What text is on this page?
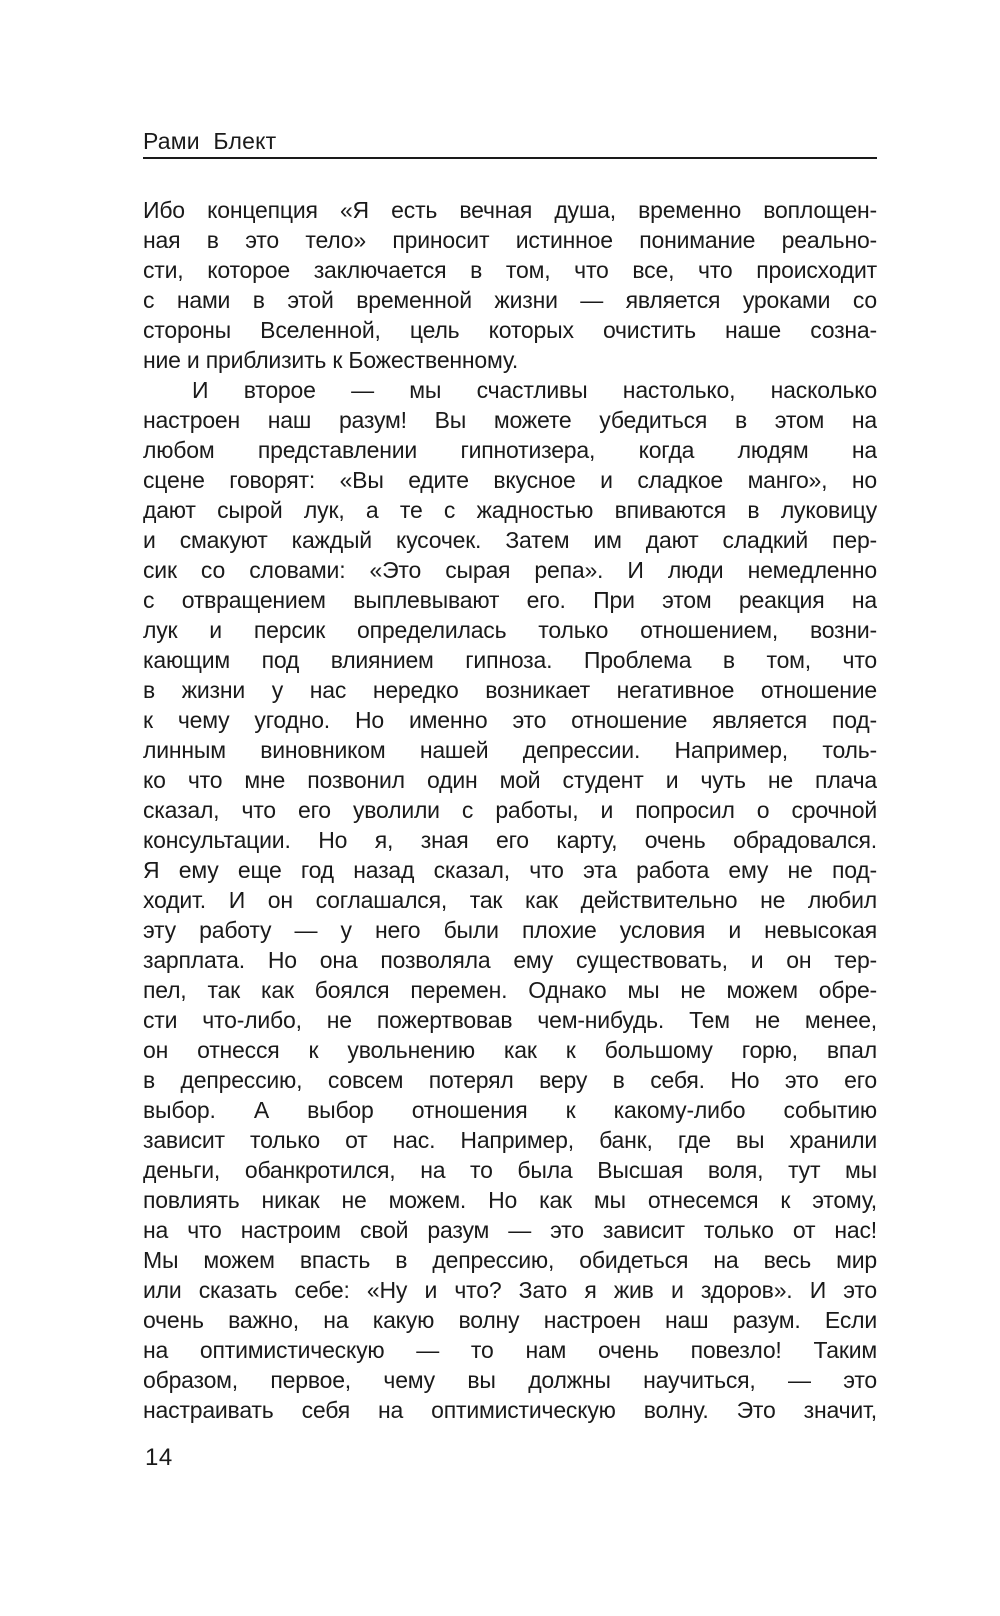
Рами Блект
Ибо концепция «Я есть вечная душа, временно воплощен-
ная в это тело» приносит истинное понимание реально-
сти, которое заключается в том, что все, что происходит
с нами в этой временной жизни — является уроками со
стороны Вселенной, цель которых очистить наше созна-
ние и приблизить к Божественному.
И второе — мы счастливы настолько, насколько
настроен наш разум! Вы можете убедиться в этом на
любом представлении гипнотизера, когда людям на
сцене говорят: «Вы едите вкусное и сладкое манго», но
дают сырой лук, а те с жадностью впиваются в луковицу
и смакуют каждый кусочек. Затем им дают сладкий пер-
сик со словами: «Это сырая репа». И люди немедленно
с отвращением выплевывают его. При этом реакция на
лук и персик определилась только отношением, возни-
кающим под влиянием гипноза. Проблема в том, что
в жизни у нас нередко возникает негативное отношение
к чему угодно. Но именно это отношение является под-
линным виновником нашей депрессии. Например, толь-
ко что мне позвонил один мой студент и чуть не плача
сказал, что его уволили с работы, и попросил о срочной
консультации. Но я, зная его карту, очень обрадовался.
Я ему еще год назад сказал, что эта работа ему не под-
ходит. И он соглашался, так как действительно не любил
эту работу — у него были плохие условия и невысокая
зарплата. Но она позволяла ему существовать, и он тер-
пел, так как боялся перемен. Однако мы не можем обре-
сти что-либо, не пожертвовав чем-нибудь. Тем не менее,
он отнесся к увольнению как к большому горю, впал
в депрессию, совсем потерял веру в себя. Но это его
выбор. А выбор отношения к какому-либо событию
зависит только от нас. Например, банк, где вы хранили
деньги, обанкротился, на то была Высшая воля, тут мы
повлиять никак не можем. Но как мы отнесемся к этому,
на что настроим свой разум — это зависит только от нас!
Мы можем впасть в депрессию, обидеться на весь мир
или сказать себе: «Ну и что? Зато я жив и здоров». И это
очень важно, на какую волну настроен наш разум. Если
на оптимистическую — то нам очень повезло! Таким
образом, первое, чему вы должны научиться, — это
настраивать себя на оптимистическую волну. Это значит,
14
